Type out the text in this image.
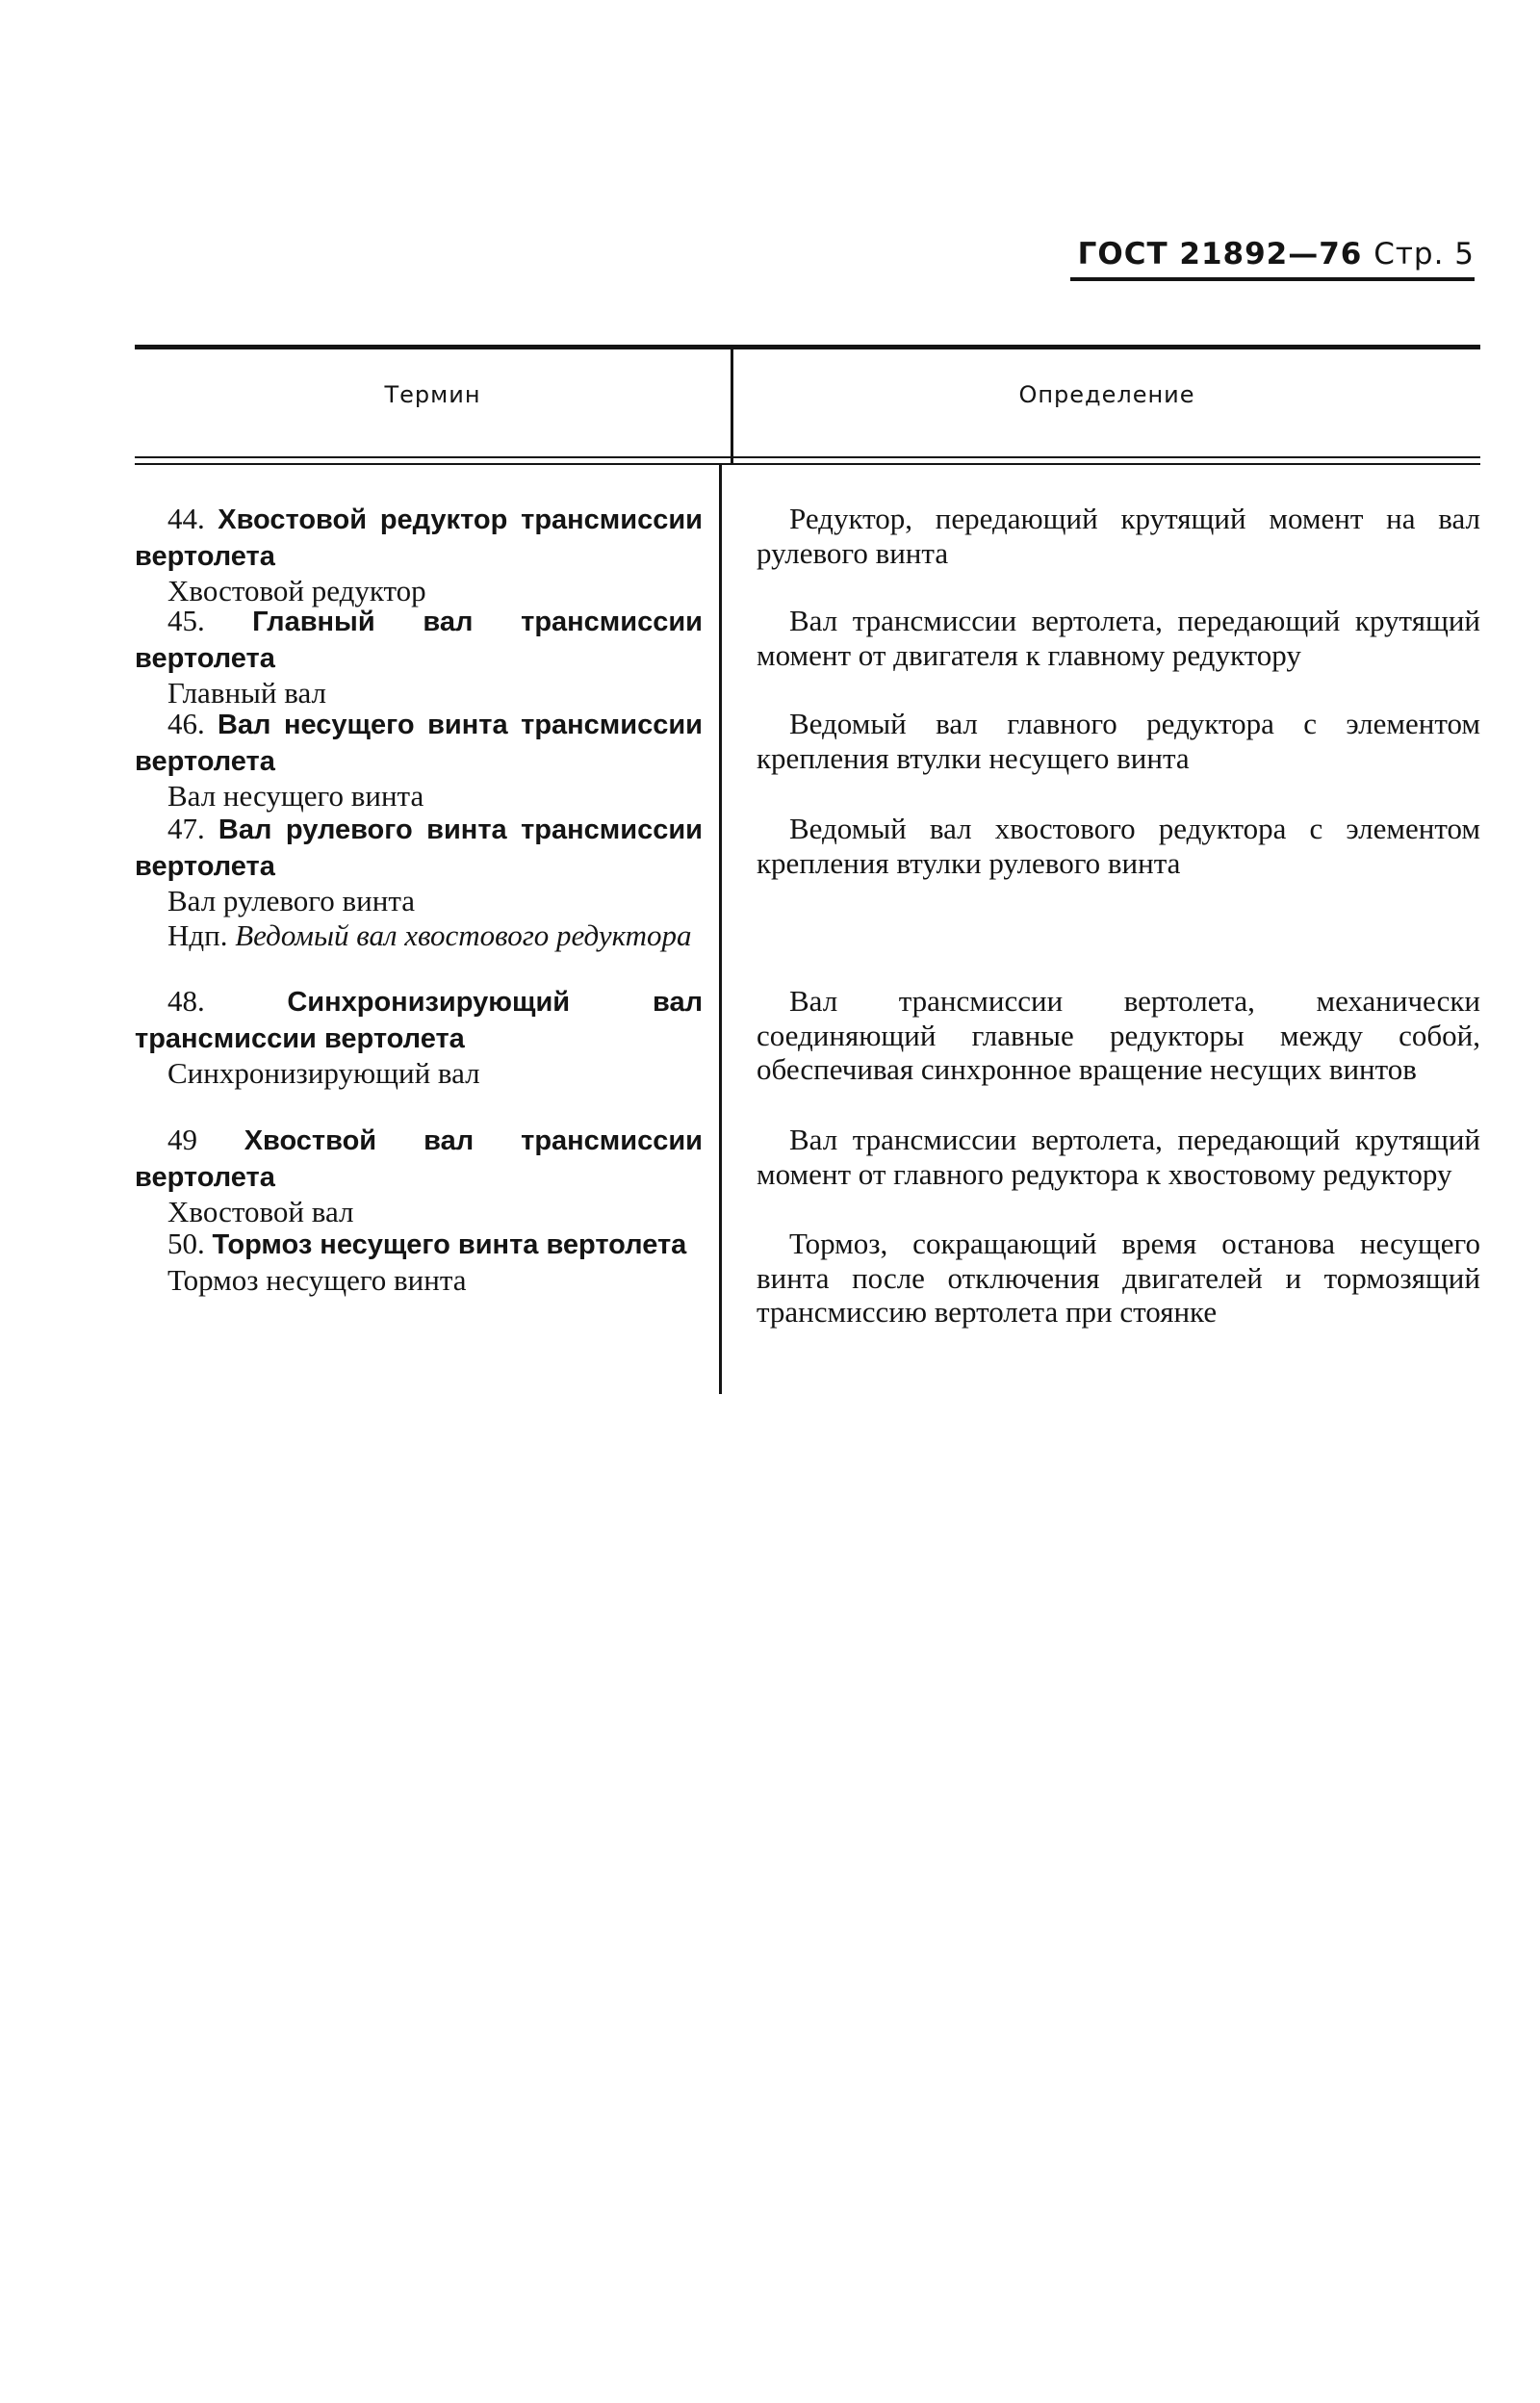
ГОСТ 21892—76 Стр. 5
Термин	Определение

44. Хвостовой редуктор трансмиссии вертолета

Хвостовой редуктор

Редуктор, передающий крутящий момент на вал рулевого винта

45. Главный вал трансмиссии вертолета

Главный вал

Вал трансмиссии вертолета, передающий крутящий момент от двигателя к главному редуктору

46. Вал несущего винта трансмиссии вертолета

Вал несущего винта

Ведомый вал главного редуктора с элементом крепления втулки несущего винта

47. Вал рулевого винта трансмиссии вертолета

Вал рулевого винта

Ндп. Ведомый вал хвостового редуктора

Ведомый вал хвостового редуктора с элементом крепления втулки рулевого винта

48.	Синхронизирующий вал трансмиссии вертолета

Синхронизирующий вал

Вал трансмиссии вертолета, механически соединяющий главные редукторы между собой, обеспечивая синхронное вращение несущих винтов

49 Хвоствой вал трансмиссии вертолета

Хвостовой вал

Вал трансмиссии вертолета, передающий крутящий момент от главного редуктора к хвостовому редуктору

50. Тормоз несущего винта вертолета

Тормоз несущего винта

Тормоз, сокращающий время останова несущего винта после отключения двигателей и тормозящий трансмиссию вертолета при стоянке
